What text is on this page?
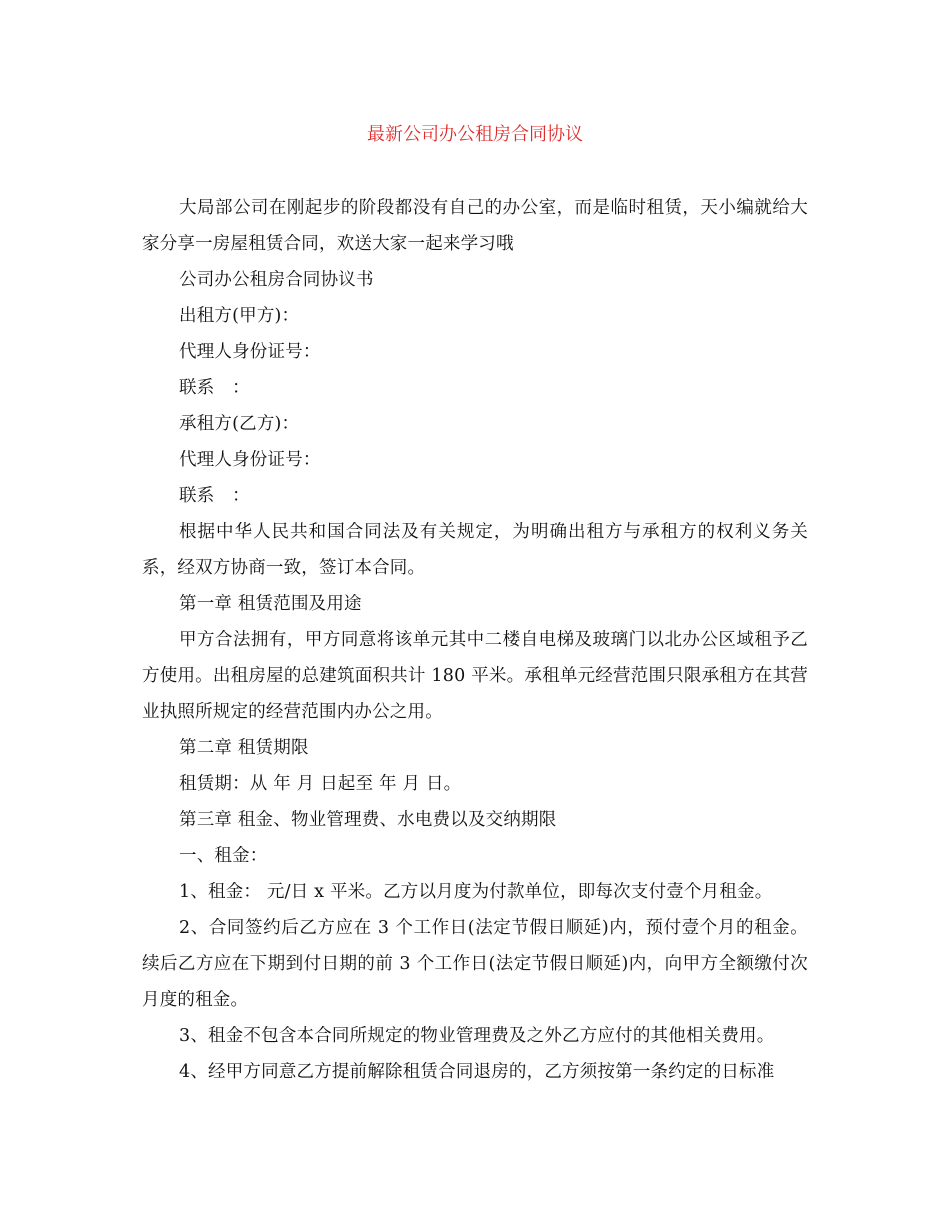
最新公司办公租房合同协议

大局部公司在刚起步的阶段都没有自己的办公室，而是临时租赁，天小编就给大家分享一房屋租赁合同，欢送大家一起来学习哦

公司办公租房合同协议书

出租方(甲方)：

代理人身份证号：

联系　：

承租方(乙方)：

代理人身份证号：

联系　：

根据中华人民共和国合同法及有关规定，为明确出租方与承租方的权利义务关系，经双方协商一致，签订本合同。

第一章 租赁范围及用途

甲方合法拥有，甲方同意将该单元其中二楼自电梯及玻璃门以北办公区域租予乙方使用。出租房屋的总建筑面积共计 180 平米。承租单元经营范围只限承租方在其营业执照所规定的经营范围内办公之用。

第二章 租赁期限

租赁期：从 年 月 日起至 年 月 日。

第三章 租金、物业管理费、水电费以及交纳期限

一、租金：

1、租金： 元/日 x 平米。乙方以月度为付款单位，即每次支付壹个月租金。

2、合同签约后乙方应在 3 个工作日(法定节假日顺延)内，预付壹个月的租金。续后乙方应在下期到付日期的前 3 个工作日(法定节假日顺延)内，向甲方全额缴付次月度的租金。

3、租金不包含本合同所规定的物业管理费及之外乙方应付的其他相关费用。

4、经甲方同意乙方提前解除租赁合同退房的，乙方须按第一条约定的日标准
